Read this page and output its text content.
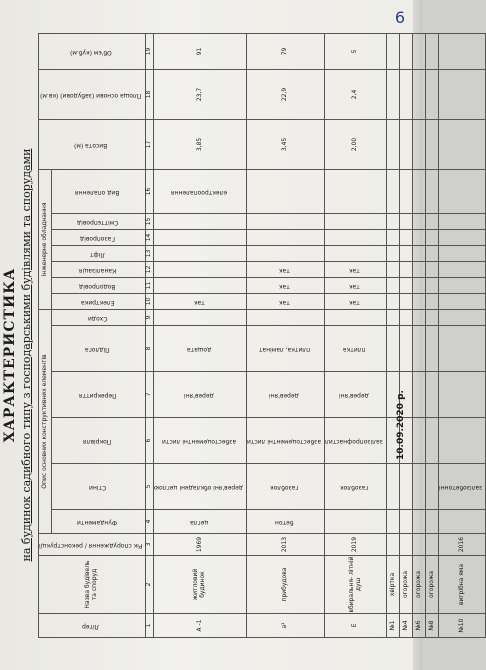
6
ХАРАКТЕРИСТИКА на будинок садибного типу з господарськими будівлями та спорудами
Літер	Назва будівель та споруд	Рік спорудження / реконструкції	Опис основних конструктивних елементів						Інженерне обладнання							Висота (м)	Площа основи (забудови) (кв.м)	Об'єм (куб.м)
			Фундаменти	Стіни	Покрівля	Перекриття	Підлога	Сходи	Електрика	Водопровід	Каналізація	Ліфт	Газопровід	Сміттєпровід	Вид опалення			
1	2	3	4	5	6	7	8	9	10	11	12	13	14	15	16	17	18	19
А -1	житловий будинок	1969	цегла	дерев'яні обкладені цеглою	азбестоцементні листи	дерев'яні	дощата		так						електроопалення	3,85	23,7	91
а¹	прибудова	2013	бетон	газоблок	азбестоцементні листи	дерев'яні	плитка, ламінат		так	так	так					3,45	22,9	79
Е	вбиральня- літній душ	2019		газоблок	залізопрофнастил	дерев'яні	плитка		так	так	так					2,00	2,4	5
№1	хвіртка																	
№4	огорожа																	
№6	огорожа																	
№8	огорожа																	
№10	вигрібна яма	2016		залізобетонні														
10.09.2020 р.
